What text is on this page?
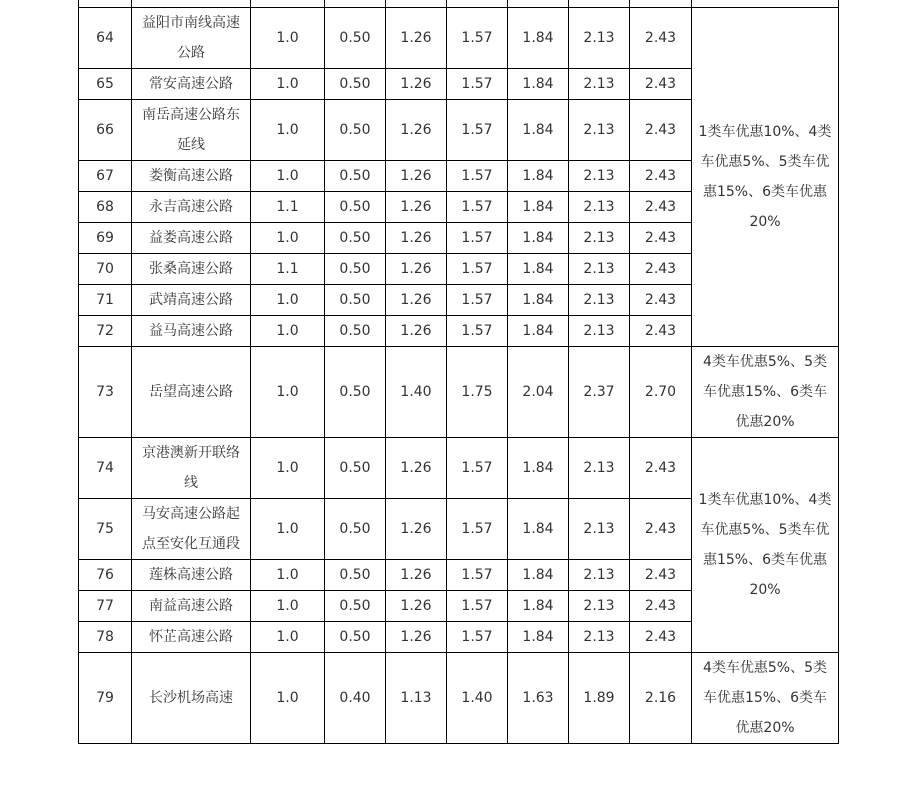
64	益阳市南线高速公路	1.0	0.50	1.26	1.57	1.84	2.13	2.43	1类车优惠10%、4类车优惠5%、5类车优惠15%、6类车优惠20%
65	常安高速公路	1.0	0.50	1.26	1.57	1.84	2.13	2.43	
66	南岳高速公路东延线	1.0	0.50	1.26	1.57	1.84	2.13	2.43	
67	娄衡高速公路	1.0	0.50	1.26	1.57	1.84	2.13	2.43	
68	永吉高速公路	1.1	0.50	1.26	1.57	1.84	2.13	2.43	
69	益娄高速公路	1.0	0.50	1.26	1.57	1.84	2.13	2.43	
70	张桑高速公路	1.1	0.50	1.26	1.57	1.84	2.13	2.43	
71	武靖高速公路	1.0	0.50	1.26	1.57	1.84	2.13	2.43	
72	益马高速公路	1.0	0.50	1.26	1.57	1.84	2.13	2.43	
73	岳望高速公路	1.0	0.50	1.40	1.75	2.04	2.37	2.70	4类车优惠5%、5类车优惠15%、6类车优惠20%
74	京港澳新开联络线	1.0	0.50	1.26	1.57	1.84	2.13	2.43	1类车优惠10%、4类车优惠5%、5类车优惠15%、6类车优惠20%
75	马安高速公路起点至安化互通段	1.0	0.50	1.26	1.57	1.84	2.13	2.43	
76	莲株高速公路	1.0	0.50	1.26	1.57	1.84	2.13	2.43	
77	南益高速公路	1.0	0.50	1.26	1.57	1.84	2.13	2.43	
78	怀芷高速公路	1.0	0.50	1.26	1.57	1.84	2.13	2.43	
79	长沙机场高速	1.0	0.40	1.13	1.40	1.63	1.89	2.16	4类车优惠5%、5类车优惠15%、6类车优惠20%
